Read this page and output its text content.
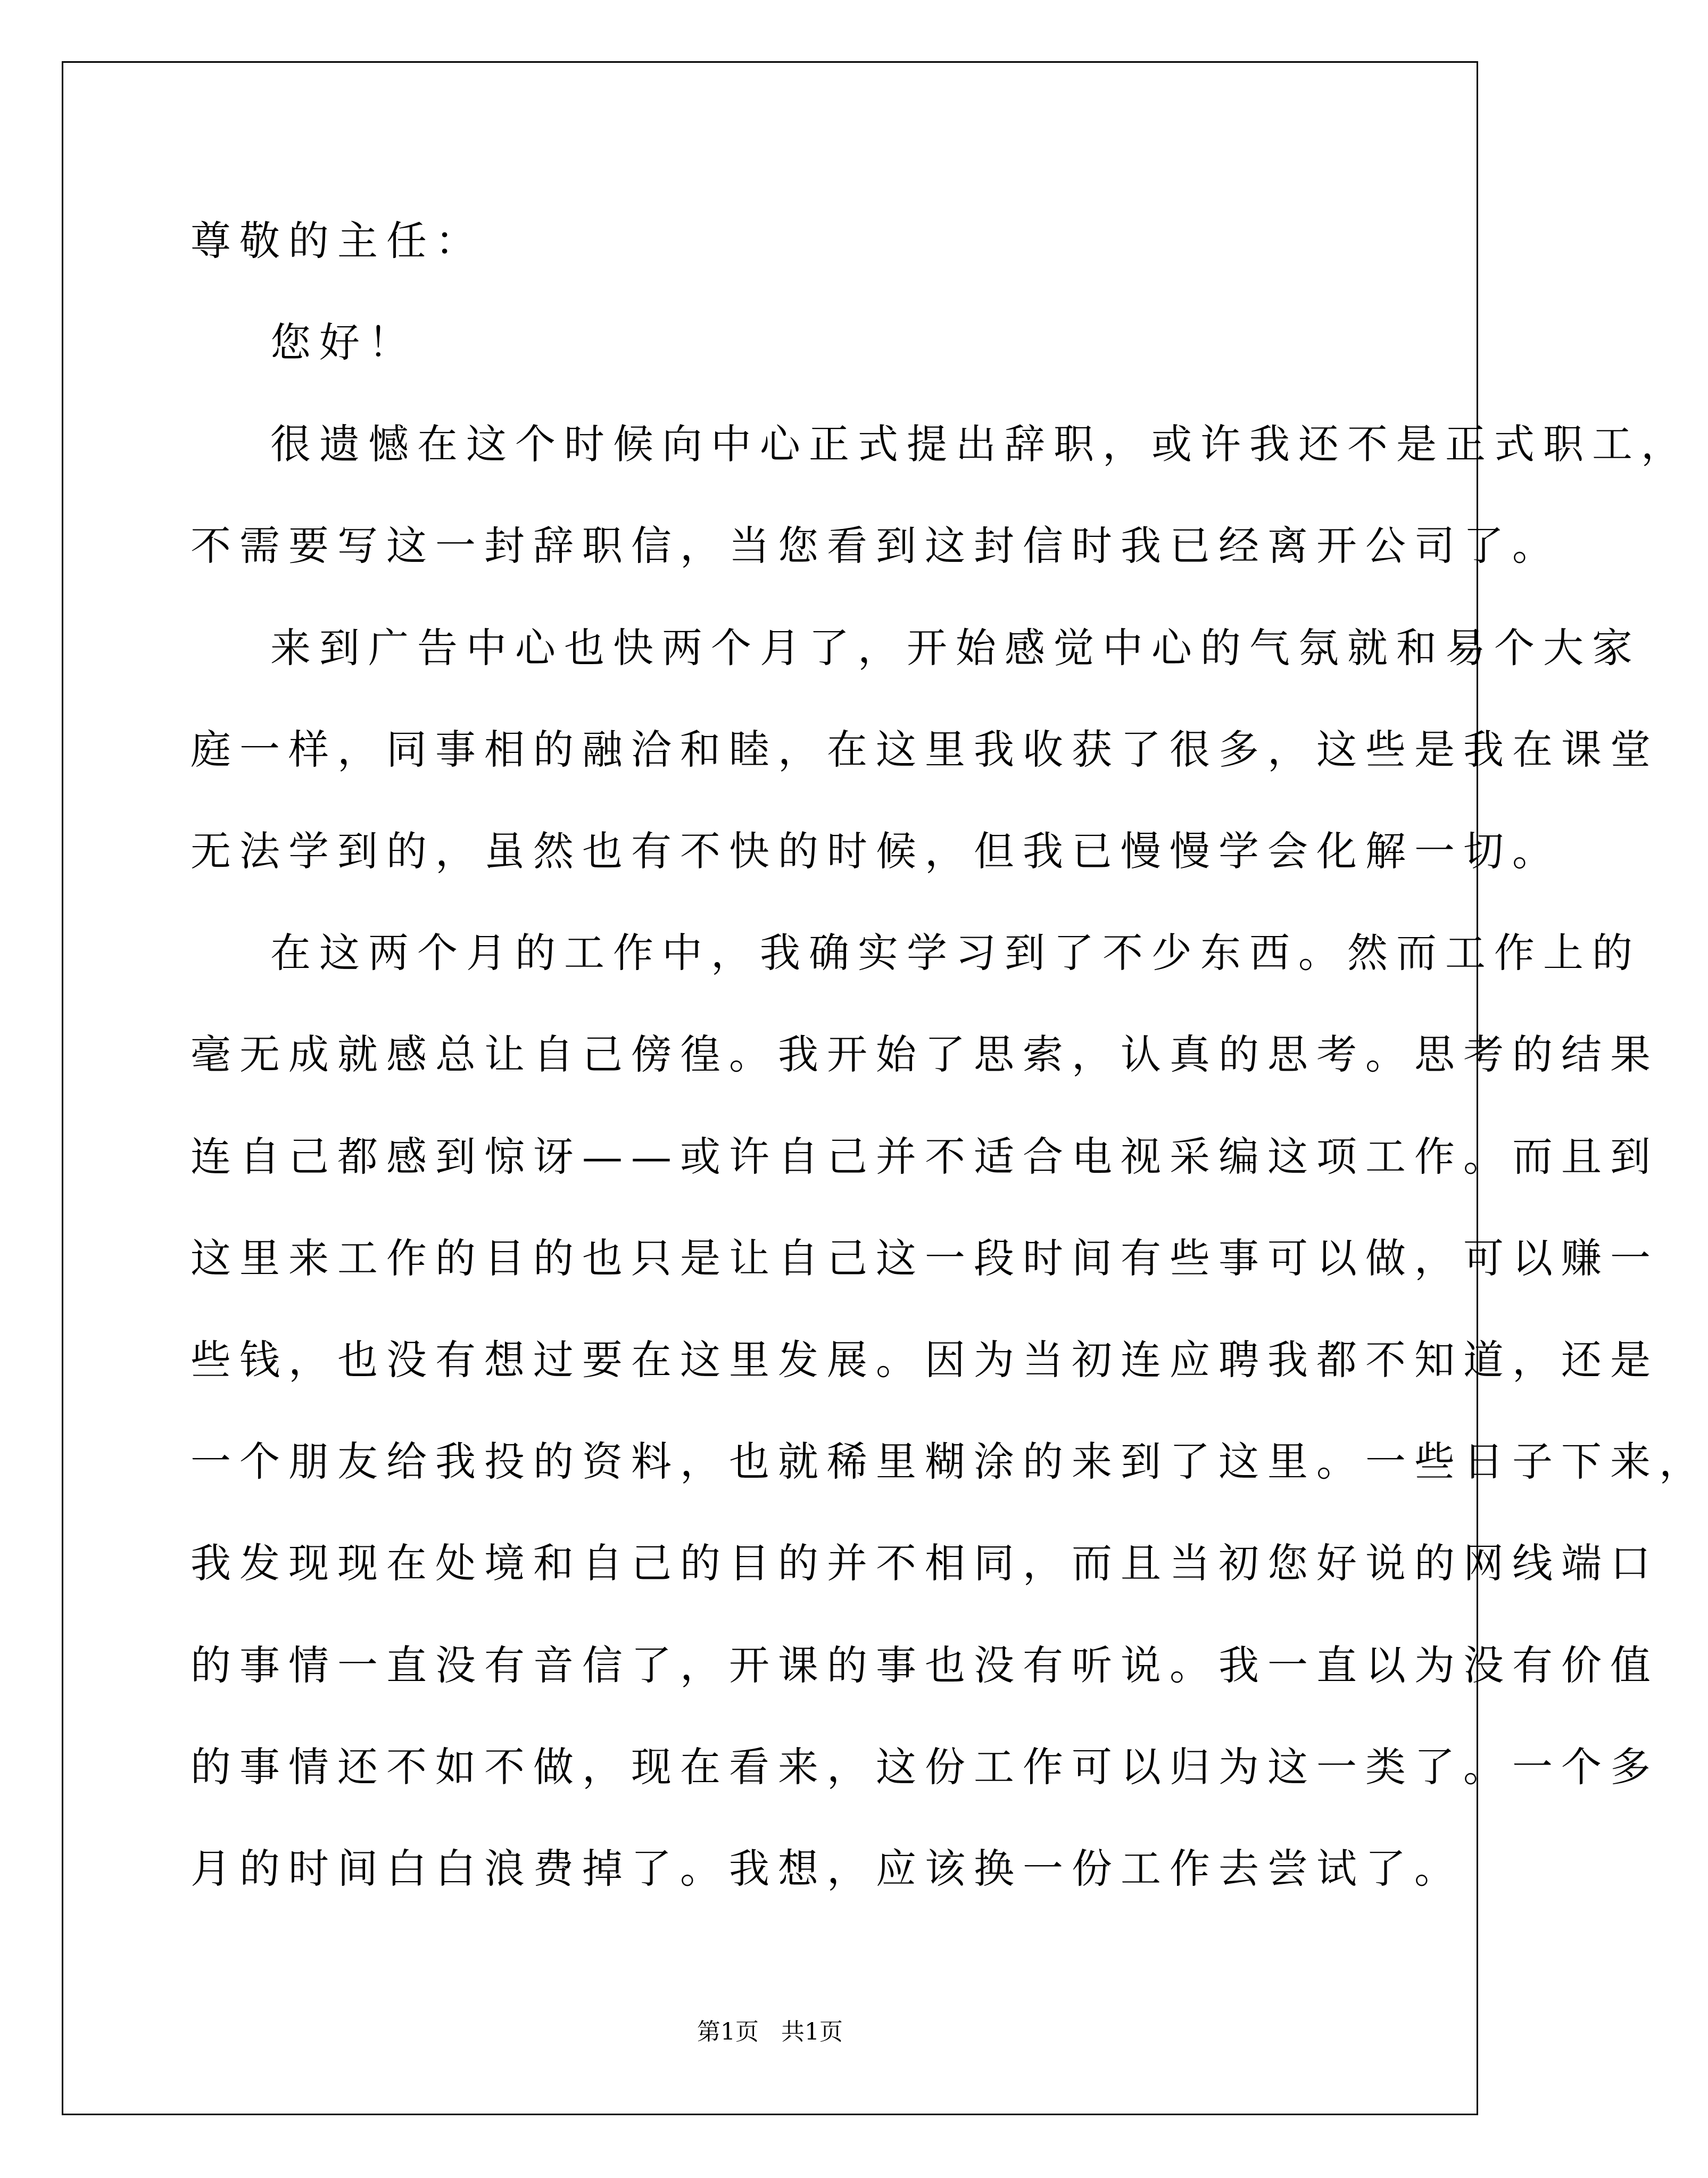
尊敬的主任：
您好！
很遗憾在这个时候向中心正式提出辞职，或许我还不是正式职工，
不需要写这一封辞职信，当您看到这封信时我已经离开公司了。
来到广告中心也快两个月了，开始感觉中心的气氛就和易个大家
庭一样，同事相的融洽和睦，在这里我收获了很多，这些是我在课堂
无法学到的，虽然也有不快的时候，但我已慢慢学会化解一切。
在这两个月的工作中，我确实学习到了不少东西。然而工作上的
毫无成就感总让自己傍徨。我开始了思索，认真的思考。思考的结果
连自己都感到惊讶——或许自己并不适合电视采编这项工作。而且到
这里来工作的目的也只是让自己这一段时间有些事可以做，可以赚一
些钱，也没有想过要在这里发展。因为当初连应聘我都不知道，还是
一个朋友给我投的资料，也就稀里糊涂的来到了这里。一些日子下来，
我发现现在处境和自己的目的并不相同，而且当初您好说的网线端口
的事情一直没有音信了，开课的事也没有听说。我一直以为没有价值
的事情还不如不做，现在看来，这份工作可以归为这一类了。一个多
月的时间白白浪费掉了。我想，应该换一份工作去尝试了。
第1页   共1页
